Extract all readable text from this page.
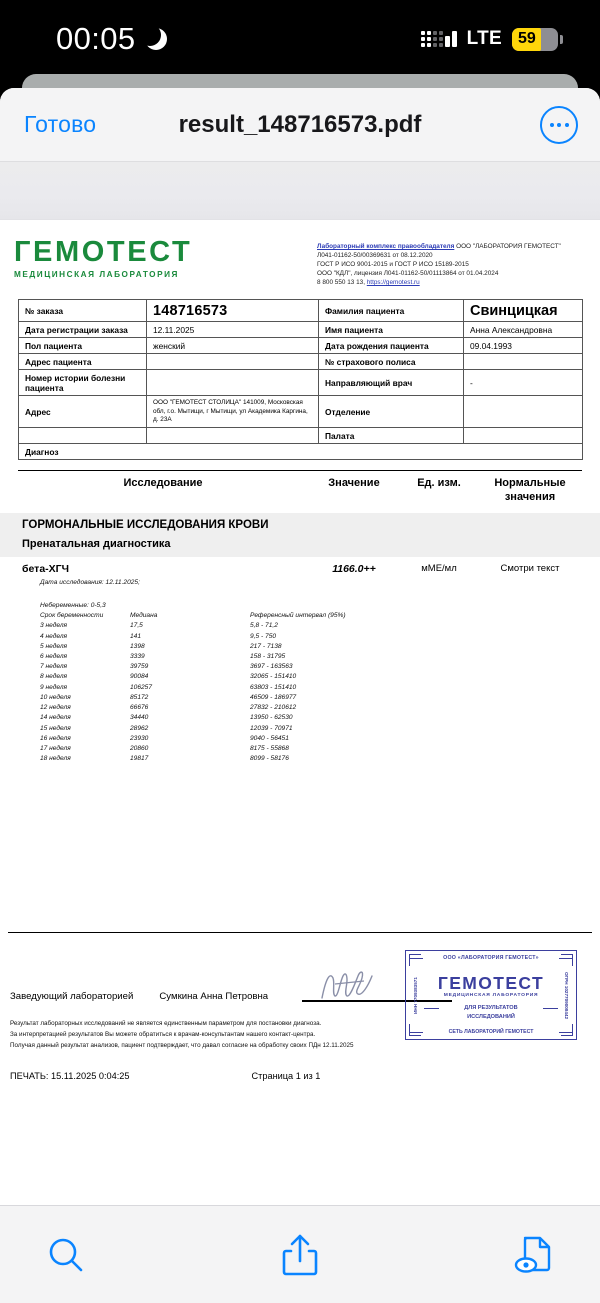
00:05	LTE	59
Готово	result_148716573.pdf
ГЕМОТЕСТ
МЕДИЦИНСКАЯ ЛАБОРАТОРИЯ
Лабораторный комплекс правообладателя ООО "ЛАБОРАТОРИЯ ГЕМОТЕСТ"
Л041-01162-50/00369631 от 08.12.2020
ГОСТ Р ИСО 9001-2015 и ГОСТ Р ИСО 15189-2015
ООО "КДЛ", лицензия Л041-01162-50/01113864 от 01.04.2024
8 800 550 13 13, https://gemotest.ru
№ заказа	148716573	Фамилия пациента	Свинцицкая
Дата регистрации заказа	12.11.2025	Имя пациента	Анна Александровна
Пол пациента	женский	Дата рождения пациента	09.04.1993
Адрес пациента		№ страхового полиса	
Номер истории болезни пациента		Направляющий врач	-
Адрес	ООО "ГЕМОТЕСТ СТОЛИЦА" 141009, Московская обл, г.о. Мытищи, г Мытищи, ул Академика Каргина, д. 23А	Отделение	
		Палата	
Диагноз			
Исследование	Значение	Ед. изм.	Нормальные значения
ГОРМОНАЛЬНЫЕ ИССЛЕДОВАНИЯ КРОВИ
Пренатальная диагностика
бета-ХГЧ	1166.0++	мМЕ/мл	Смотри текст
Дата исследования: 12.11.2025;
Небеременные: 0-5,3
Срок беременности	Медиана	Референсный интервал (95%)
3 неделя	17,5	5,8 - 71,2
4 неделя	141	9,5 - 750
5 неделя	1398	217 - 7138
6 неделя	3339	158 - 31795
7 неделя	39759	3697 - 163563
8 неделя	90084	32065 - 151410
9 неделя	106257	63803 - 151410
10 неделя	85172	46509 - 186977
12 неделя	66676	27832 - 210612
14 неделя	34440	13950 - 62530
15 неделя	28962	12039 - 70971
16 неделя	23930	9040 - 56451
17 неделя	20860	8175 - 55868
18 неделя	19817	8099 - 58176
Заведующий лабораторией	Сумкина Анна Петровна
Результат лабораторных исследований не является единственным параметром для постановки диагноза.
За интерпретацией результатов Вы можете обратиться к врачам-консультантам нашего контакт-центра.
Получая данный результат анализов, пациент подтверждает, что давал согласие на обработку своих ПДн 12.11.2025
ПЕЧАТЬ: 15.11.2025 0:04:25	Страница 1 из 1
ООО «ЛАБОРАТОРИЯ ГЕМОТЕСТ»
ГЕМОТЕСТ
МЕДИЦИНСКАЯ ЛАБОРАТОРИЯ
ДЛЯ РЕЗУЛЬТАТОВ
ИССЛЕДОВАНИЙ
СЕТЬ ЛАБОРАТОРИЙ ГЕМОТЕСТ
ИНН 7709383571	ОГРН 1027709008442
